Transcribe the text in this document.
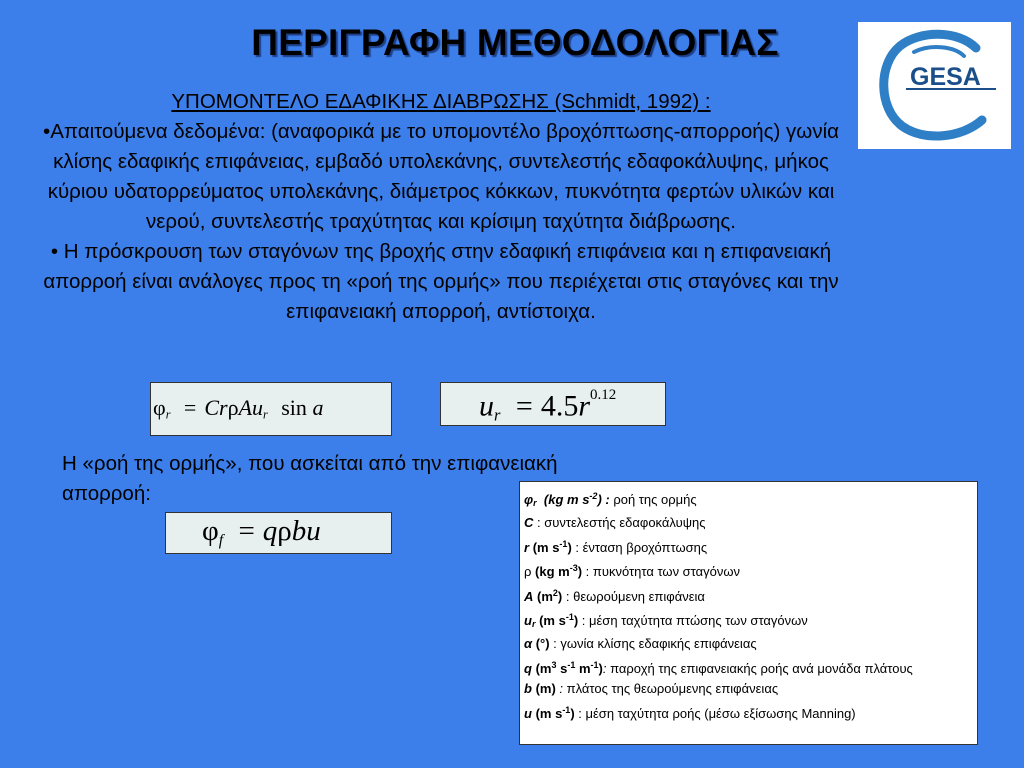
ΠΕΡΙΓΡΑΦΗ ΜΕΘΟΔΟΛΟΓΙΑΣ
GESA
ΥΠΟΜΟΝΤΕΛΟ ΕΔΑΦΙΚΗΣ ΔΙΑΒΡΩΣΗΣ (Schmidt, 1992) :
•Απαιτούμενα δεδομένα: (αναφορικά με το υπομοντέλο βροχόπτωσης-απορροής) γωνία κλίσης εδαφικής επιφάνειας, εμβαδό υπολεκάνης, συντελεστής εδαφοκάλυψης, μήκος κύριου υδατορρεύματος υπολεκάνης, διάμετρος κόκκων, πυκνότητα φερτών υλικών και νερού, συντελεστής τραχύτητας και κρίσιμη ταχύτητα διάβρωσης.
• Η πρόσκρουση των σταγόνων της βροχής στην εδαφική επιφάνεια και η επιφανειακή απορροή είναι ανάλογες προς τη «ροή της ορμής» που περιέχεται στις σταγόνες και την επιφανειακή απορροή, αντίστοιχα.
$\varphi_r = Cr\rho Au_r$ sin a	$u_r = 4.5r^{0.12}$
Η «ροή της ορμής», που ασκείται από την επιφανειακή απορροή:
$\varphi_f = q\rho bu$
$\varphi_r$ (kg m $s^{-2}$) : ροή της ορμής
C : συντελεστής εδαφοκάλυψης
r (m $s^{-1}$) : ένταση βροχόπτωσης
ρ (kg $m^{-3}$) : πυκνότητα των σταγόνων
A $(m^2)$ : θεωρούμενη επιφάνεια
$u_r$ (m $s^{-1}$) : μέση ταχύτητα πτώσης των σταγόνων
α (°) : γωνία κλίσης εδαφικής επιφάνειας
q ($m^3$ $s^{-1}$ $m^{-1}$): παροχή της επιφανειακής ροής ανά μονάδα πλάτους
b (m) : πλάτος της θεωρούμενης επιφάνειας
u (m $s^{-1}$) : μέση ταχύτητα ροής (μέσω εξίσωσης Manning)
